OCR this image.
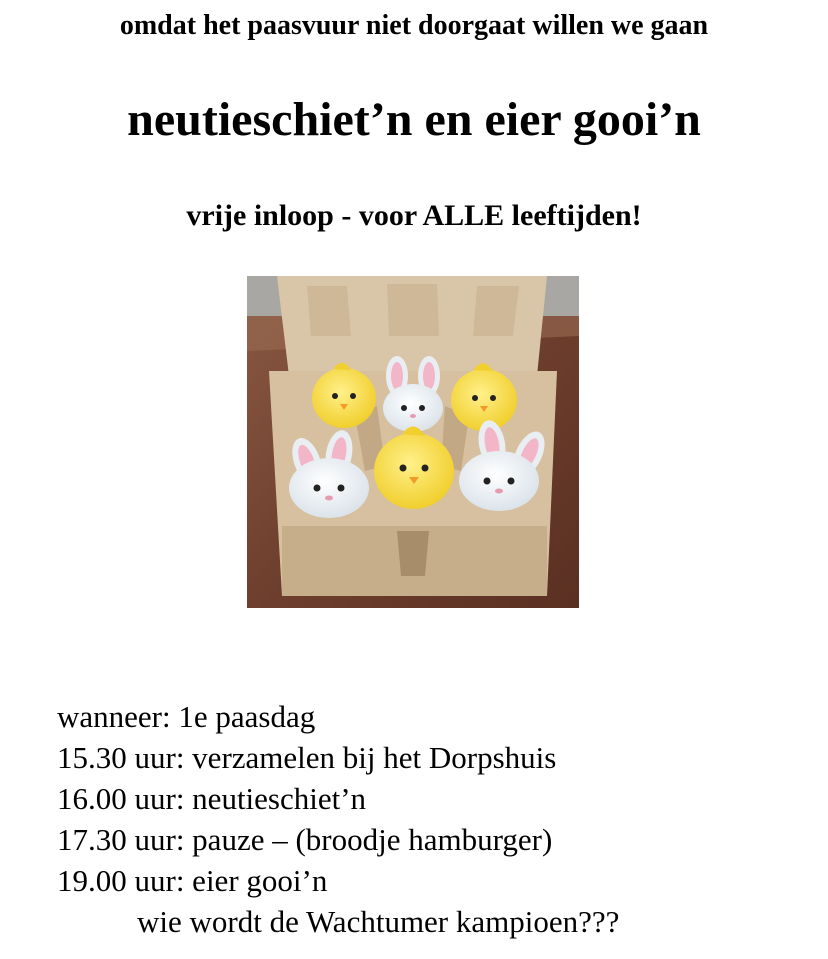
omdat het paasvuur niet doorgaat willen we gaan
neutieschiet’n en eier gooi’n
vrije inloop - voor ALLE leeftijden!
wanneer: 1e paasdag
15.30 uur: verzamelen bij het Dorpshuis
16.00 uur: neutieschiet’n
17.30 uur: pauze – (broodje hamburger)
19.00 uur: eier gooi’n
wie wordt de Wachtumer kampioen???
